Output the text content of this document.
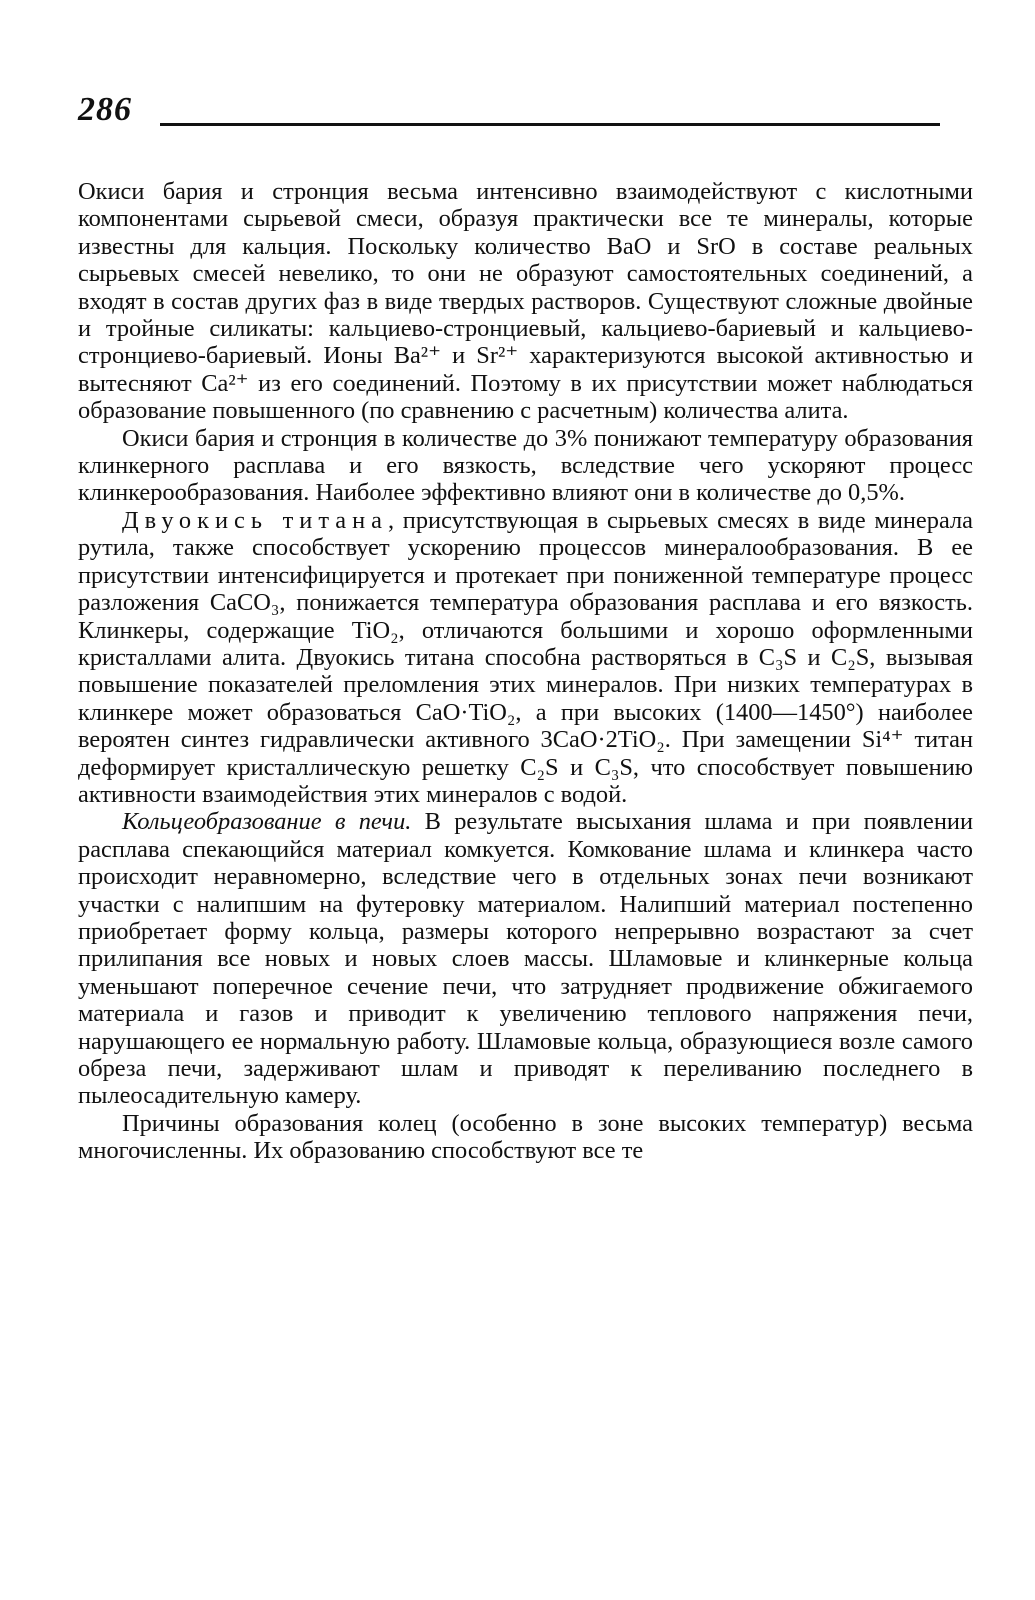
286

Окиси бария и стронция весьма интенсивно взаимодействуют с кислотными компонентами сырьевой смеси, образуя практически все те минералы, которые известны для кальция. Поскольку количество BaO и SrO в составе реальных сырьевых смесей невелико, то они не образуют самостоятельных соединений, а входят в состав других фаз в виде твердых растворов. Существуют сложные двойные и тройные силикаты: кальциево-стронциевый, кальциево-бариевый и кальциево-стронциево-бариевый. Ионы Ba²⁺ и Sr²⁺ характеризуются высокой активностью и вытесняют Ca²⁺ из его соединений. Поэтому в их присутствии может наблюдаться образование повышенного (по сравнению с расчетным) количества алита.

Окиси бария и стронция в количестве до 3% понижают температуру образования клинкерного расплава и его вязкость, вследствие чего ускоряют процесс клинкерообразования. Наиболее эффективно влияют они в количестве до 0,5%.

Двуокись титана, присутствующая в сырьевых смесях в виде минерала рутила, также способствует ускорению процессов минералообразования. В ее присутствии интенсифицируется и протекает при пониженной температуре процесс разложения CaCO₃, понижается температура образования расплава и его вязкость. Клинкеры, содержащие TiO₂, отличаются большими и хорошо оформленными кристаллами алита. Двуокись титана способна растворяться в C₃S и C₂S, вызывая повышение показателей преломления этих минералов. При низких температурах в клинкере может образоваться CaO·TiO₂, а при высоких (1400—1450°) наиболее вероятен синтез гидравлически активного 3CaO·2TiO₂. При замещении Si⁴⁺ титан деформирует кристаллическую решетку C₂S и C₃S, что способствует повышению активности взаимодействия этих минералов с водой.

Кольцеобразование в печи. В результате высыхания шлама и при появлении расплава спекающийся материал комкуется. Комкование шлама и клинкера часто происходит неравномерно, вследствие чего в отдельных зонах печи возникают участки с налипшим на футеровку материалом. Налипший материал постепенно приобретает форму кольца, размеры которого непрерывно возрастают за счет прилипания все новых и новых слоев массы. Шламовые и клинкерные кольца уменьшают поперечное сечение печи, что затрудняет продвижение обжигаемого материала и газов и приводит к увеличению теплового напряжения печи, нарушающего ее нормальную работу. Шламовые кольца, образующиеся возле самого обреза печи, задерживают шлам и приводят к переливанию последнего в пылеосадительную камеру.

Причины образования колец (особенно в зоне высоких температур) весьма многочисленны. Их образованию способствуют все те
